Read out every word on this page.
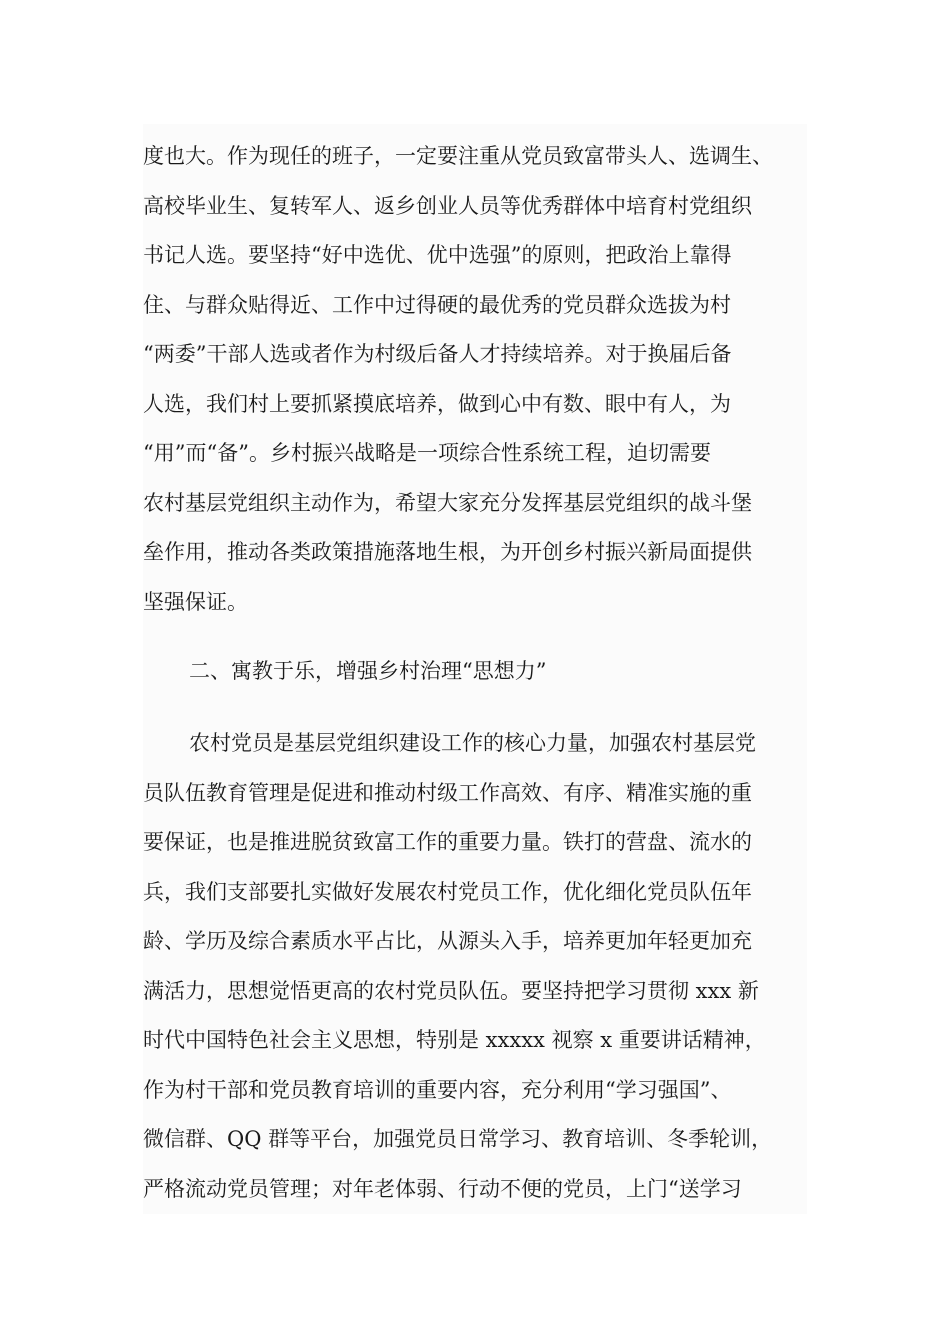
度也大。作为现任的班子，一定要注重从党员致富带头人、选调生、
高校毕业生、复转军人、返乡创业人员等优秀群体中培育村党组织
书记人选。要坚持“好中选优、优中选强”的原则，把政治上靠得
住、与群众贴得近、工作中过得硬的最优秀的党员群众选拔为村
“两委”干部人选或者作为村级后备人才持续培养。对于换届后备
人选，我们村上要抓紧摸底培养，做到心中有数、眼中有人，为
“用”而“备”。乡村振兴战略是一项综合性系统工程，迫切需要
农村基层党组织主动作为，希望大家充分发挥基层党组织的战斗堡
垒作用，推动各类政策措施落地生根，为开创乡村振兴新局面提供
坚强保证。
二、寓教于乐，增强乡村治理“思想力”
农村党员是基层党组织建设工作的核心力量，加强农村基层党
员队伍教育管理是促进和推动村级工作高效、有序、精准实施的重
要保证，也是推进脱贫致富工作的重要力量。铁打的营盘、流水的
兵，我们支部要扎实做好发展农村党员工作，优化细化党员队伍年
龄、学历及综合素质水平占比，从源头入手，培养更加年轻更加充
满活力，思想觉悟更高的农村党员队伍。要坚持把学习贯彻 xxx 新
时代中国特色社会主义思想，特别是 xxxxx 视察 x 重要讲话精神，
作为村干部和党员教育培训的重要内容，充分利用“学习强国”、
微信群、QQ 群等平台，加强党员日常学习、教育培训、冬季轮训，
严格流动党员管理；对年老体弱、行动不便的党员，上门“送学习
